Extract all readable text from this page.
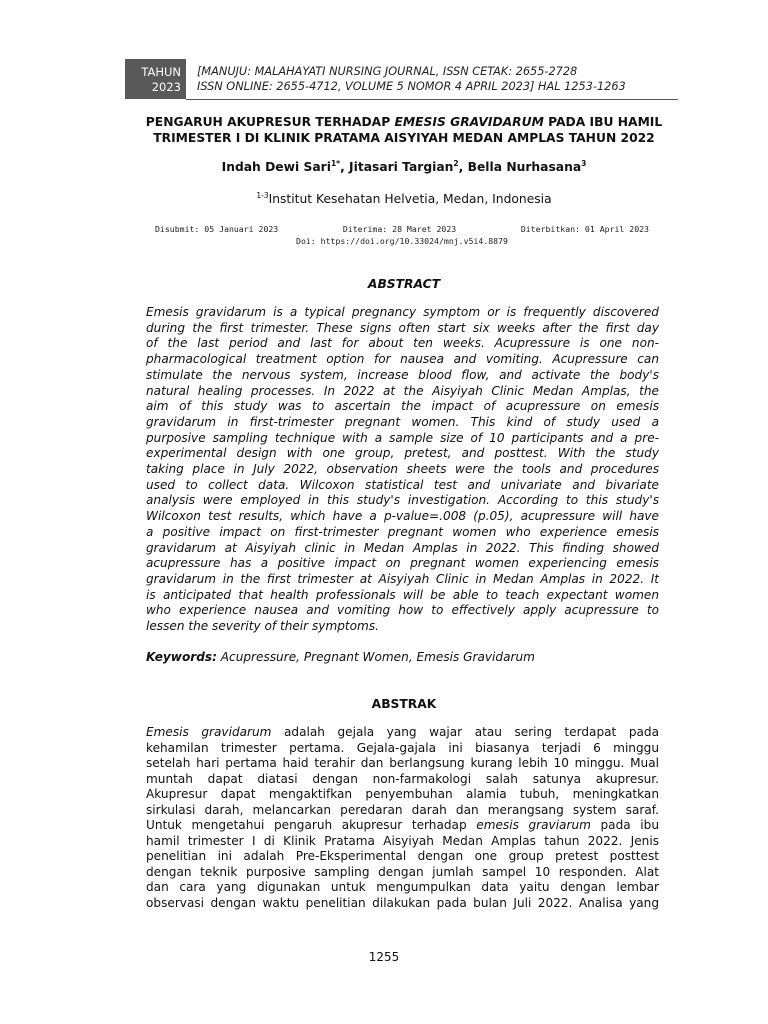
TAHUN
2023
[MANUJU: MALAHAYATI NURSING JOURNAL, ISSN CETAK: 2655-2728
ISSN ONLINE: 2655-4712, VOLUME 5 NOMOR 4 APRIL 2023] HAL 1253-1263
PENGARUH AKUPRESUR TERHADAP EMESIS GRAVIDARUM PADA IBU HAMIL
TRIMESTER I DI KLINIK PRATAMA AISYIYAH MEDAN AMPLAS TAHUN 2022
Indah Dewi Sari$^{1*}$, Jitasari Targian$^2$, Bella Nurhasana$^3$
$^{1-3}$Institut Kesehatan Helvetia, Medan, Indonesia
Disubmit: 05 Januari 2023	Diterima: 28 Maret 2023	Diterbitkan: 01 April 2023
Doi: https://doi.org/10.33024/mnj.v5i4.8879
ABSTRACT
Emesis gravidarum is a typical pregnancy symptom or is frequently discovered
during the first trimester. These signs often start six weeks after the first day
of the last period and last for about ten weeks. Acupressure is one non-
pharmacological treatment option for nausea and vomiting. Acupressure can
stimulate the nervous system, increase blood flow, and activate the body's
natural healing processes. In 2022 at the Aisyiyah Clinic Medan Amplas, the
aim of this study was to ascertain the impact of acupressure on emesis
gravidarum in first-trimester pregnant women. This kind of study used a
purposive sampling technique with a sample size of 10 participants and a pre-
experimental design with one group, pretest, and posttest. With the study
taking place in July 2022, observation sheets were the tools and procedures
used to collect data. Wilcoxon statistical test and univariate and bivariate
analysis were employed in this study's investigation. According to this study's
Wilcoxon test results, which have a p-value=.008 (p.05), acupressure will have
a positive impact on first-trimester pregnant women who experience emesis
gravidarum at Aisyiyah clinic in Medan Amplas in 2022. This finding showed
acupressure has a positive impact on pregnant women experiencing emesis
gravidarum in the first trimester at Aisyiyah Clinic in Medan Amplas in 2022. It
is anticipated that health professionals will be able to teach expectant women
who experience nausea and vomiting how to effectively apply acupressure to
lessen the severity of their symptoms.
Keywords: Acupressure, Pregnant Women, Emesis Gravidarum
ABSTRAK
Emesis gravidarum adalah gejala yang wajar atau sering terdapat pada
kehamilan trimester pertama. Gejala-gajala ini biasanya terjadi 6 minggu
setelah hari pertama haid terahir dan berlangsung kurang lebih 10 minggu. Mual
muntah dapat diatasi dengan non-farmakologi salah satunya akupresur.
Akupresur dapat mengaktifkan penyembuhan alamia tubuh, meningkatkan
sirkulasi darah, melancarkan peredaran darah dan merangsang system saraf.
Untuk mengetahui pengaruh akupresur terhadap emesis graviarum pada ibu
hamil trimester I di Klinik Pratama Aisyiyah Medan Amplas tahun 2022. Jenis
penelitian ini adalah Pre-Eksperimental dengan one group pretest posttest
dengan teknik purposive sampling dengan jumlah sampel 10 responden. Alat
dan cara yang digunakan untuk mengumpulkan data yaitu dengan lembar
observasi dengan waktu penelitian dilakukan pada bulan Juli 2022. Analisa yang
1255
